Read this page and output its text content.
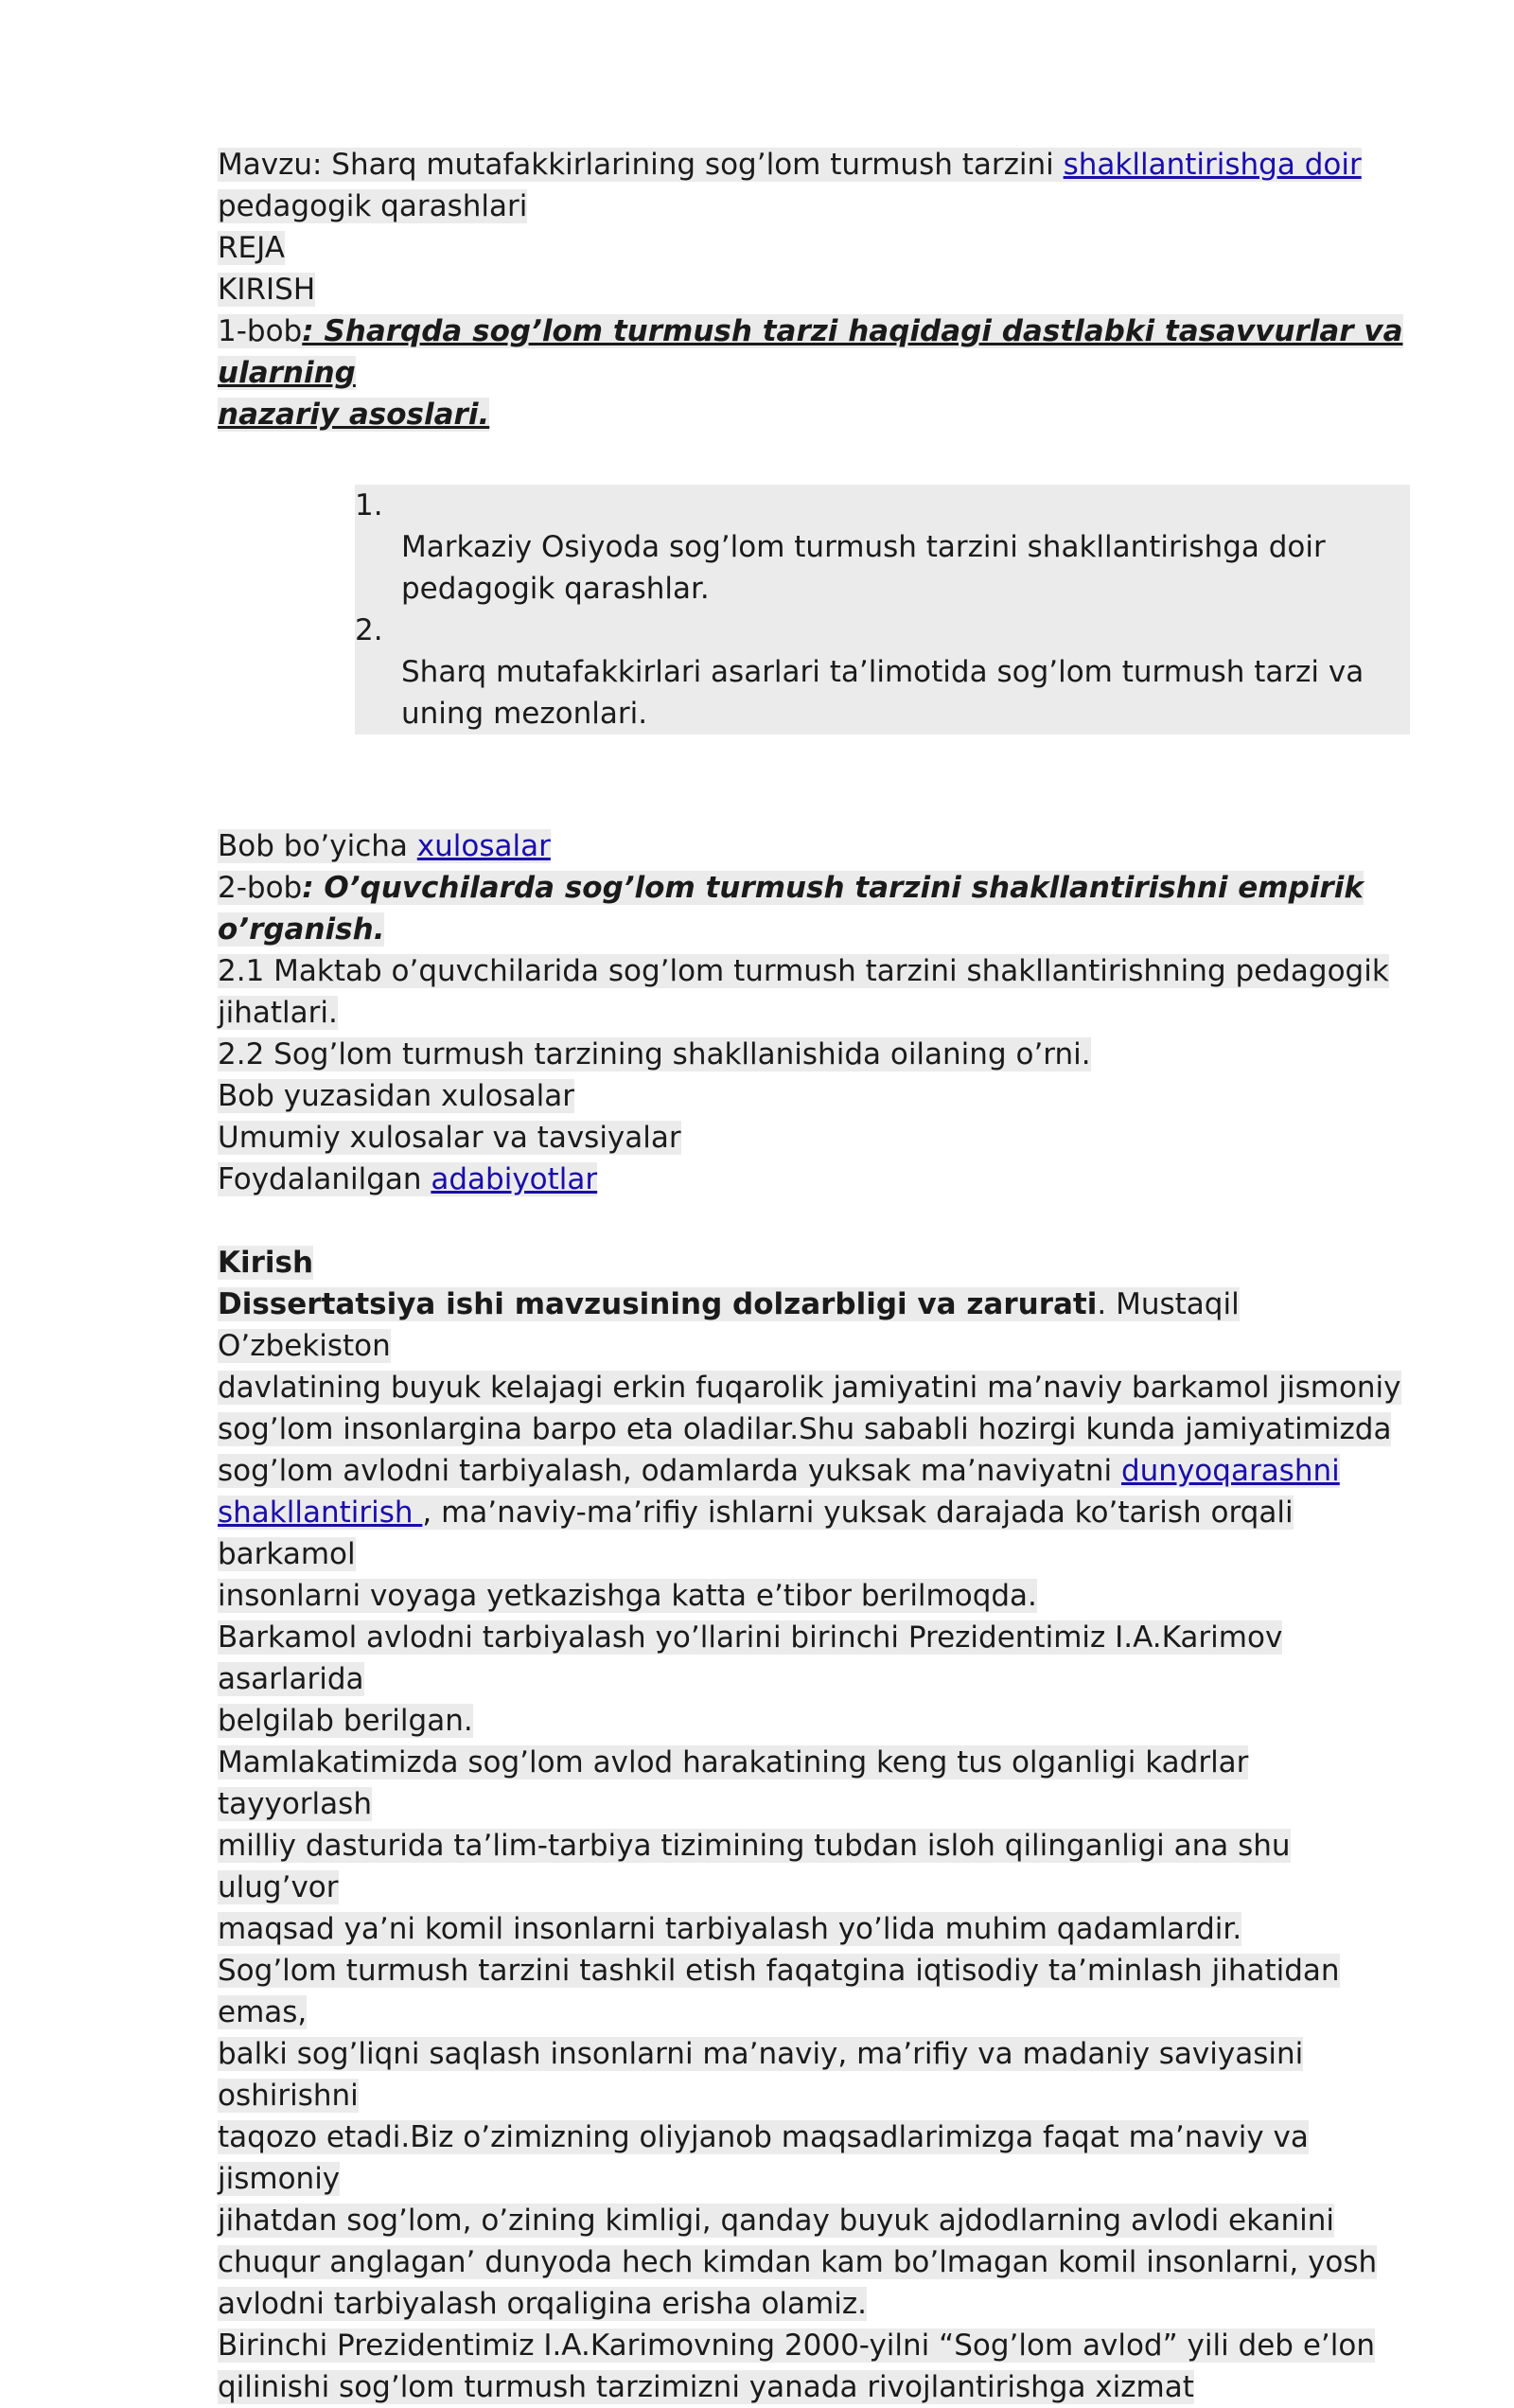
Mavzu: Sharq mutafakkirlarining sog’lom turmush tarzini shakllantirishga doir
pedagogik qarashlari
REJA
KIRISH
1-bob: Sharqda sog’lom turmush tarzi haqidagi dastlabki tasavvurlar va ularning
nazariy asoslari.
1.
Markaziy Osiyoda sog’lom turmush tarzini shakllantirishga doir
pedagogik qarashlar.
2.
Sharq mutafakkirlari asarlari ta’limotida sog’lom turmush tarzi va
uning mezonlari.
Bob bo’yicha xulosalar
2-bob: O’quvchilarda sog’lom turmush tarzini shakllantirishni empirik o’rganish.
2.1 Maktab o’quvchilarida sog’lom turmush tarzini shakllantirishning pedagogik
jihatlari.
2.2 Sog’lom turmush tarzining shakllanishida oilaning o’rni.
Bob yuzasidan xulosalar
Umumiy xulosalar va tavsiyalar
Foydalanilgan adabiyotlar
Kirish
Dissertatsiya ishi mavzusining dolzarbligi va zarurati. Mustaqil O’zbekiston
davlatining buyuk kelajagi erkin fuqarolik jamiyatini ma’naviy barkamol jismoniy
sog’lom insonlargina barpo eta oladilar.Shu sababli hozirgi kunda jamiyatimizda
sog’lom avlodni tarbiyalash, odamlarda yuksak ma’naviyatni dunyoqarashni
shakllantirish , ma’naviy-ma’rifiy ishlarni yuksak darajada ko’tarish orqali barkamol
insonlarni voyaga yetkazishga katta e’tibor berilmoqda.
Barkamol avlodni tarbiyalash yo’llarini birinchi Prezidentimiz I.A.Karimov asarlarida
belgilab berilgan.
Mamlakatimizda sog’lom avlod harakatining keng tus olganligi kadrlar tayyorlash
milliy dasturida ta’lim-tarbiya tizimining tubdan isloh qilinganligi ana shu ulug’vor
maqsad ya’ni komil insonlarni tarbiyalash yo’lida muhim qadamlardir.
Sog’lom turmush tarzini tashkil etish faqatgina iqtisodiy ta’minlash jihatidan emas,
balki sog’liqni saqlash insonlarni ma’naviy, ma’rifiy va madaniy saviyasini oshirishni
taqozo etadi.Biz o’zimizning oliyjanob maqsadlarimizga faqat ma’naviy va jismoniy
jihatdan sog’lom, o’zining kimligi, qanday buyuk ajdodlarning avlodi ekanini
chuqur anglagan’ dunyoda hech kimdan kam bo’lmagan komil insonlarni, yosh
avlodni tarbiyalash orqaligina erisha olamiz.
Birinchi Prezidentimiz I.A.Karimovning 2000-yilni “Sog’lom avlod” yili deb e’lon
qilinishi sog’lom turmush tarzimizni yanada rivojlantirishga xizmat
